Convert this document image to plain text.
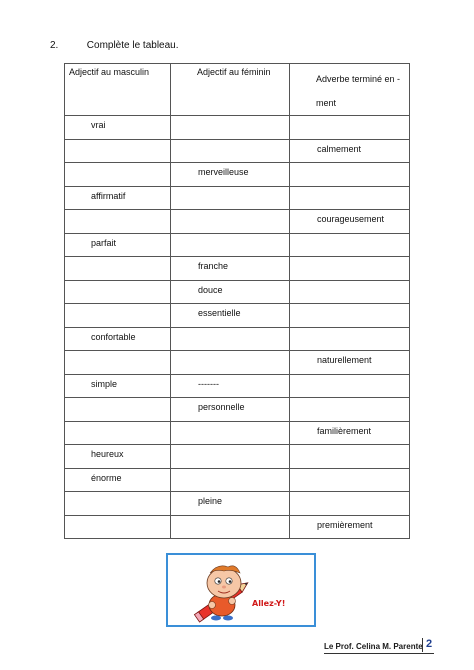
2.	Complète le tableau.
Adjectif au masculin	Adjectif au féminin	Adverbe terminé en -ment

vrai		

		calmement

	merveilleuse	

affirmatif		

		courageusement

parfait		

	franche	

	douce	

	essentielle	

confortable		

		naturellement

simple	-------	

	personnelle	

		familièrement

heureux		

énorme		

	pleine	

		premièrement
Allez-Y!
Le Prof. Celina M. Parente 2
